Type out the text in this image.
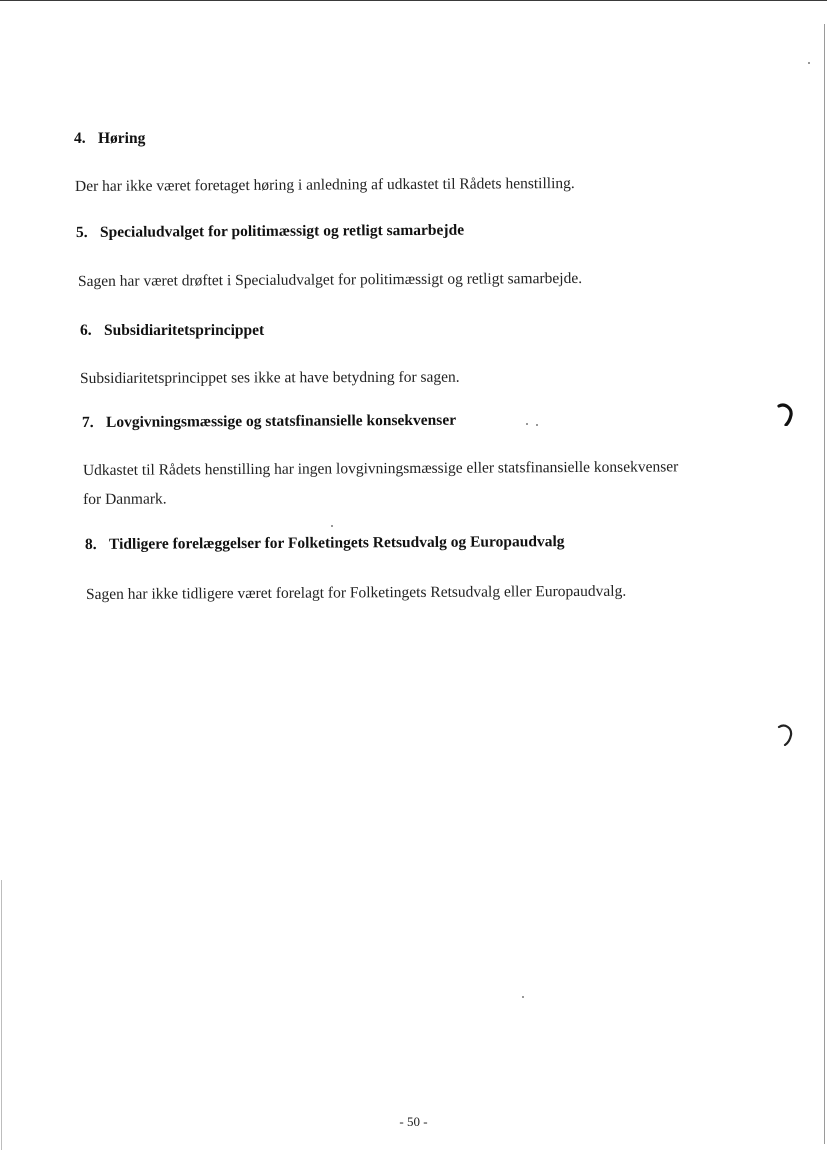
4. Høring
Der har ikke været foretaget høring i anledning af udkastet til Rådets henstilling.
5. Specialudvalget for politimæssigt og retligt samarbejde
Sagen har været drøftet i Specialudvalget for politimæssigt og retligt samarbejde.
6. Subsidiaritetsprincippet
Subsidiaritetsprincippet ses ikke at have betydning for sagen.
7. Lovgivningsmæssige og statsfinansielle konsekvenser
Udkastet til Rådets henstilling har ingen lovgivningsmæssige eller statsfinansielle konsekvenser
for Danmark.
8. Tidligere forelæggelser for Folketingets Retsudvalg og Europaudvalg
Sagen har ikke tidligere været forelagt for Folketingets Retsudvalg eller Europaudvalg.
- 50 -
